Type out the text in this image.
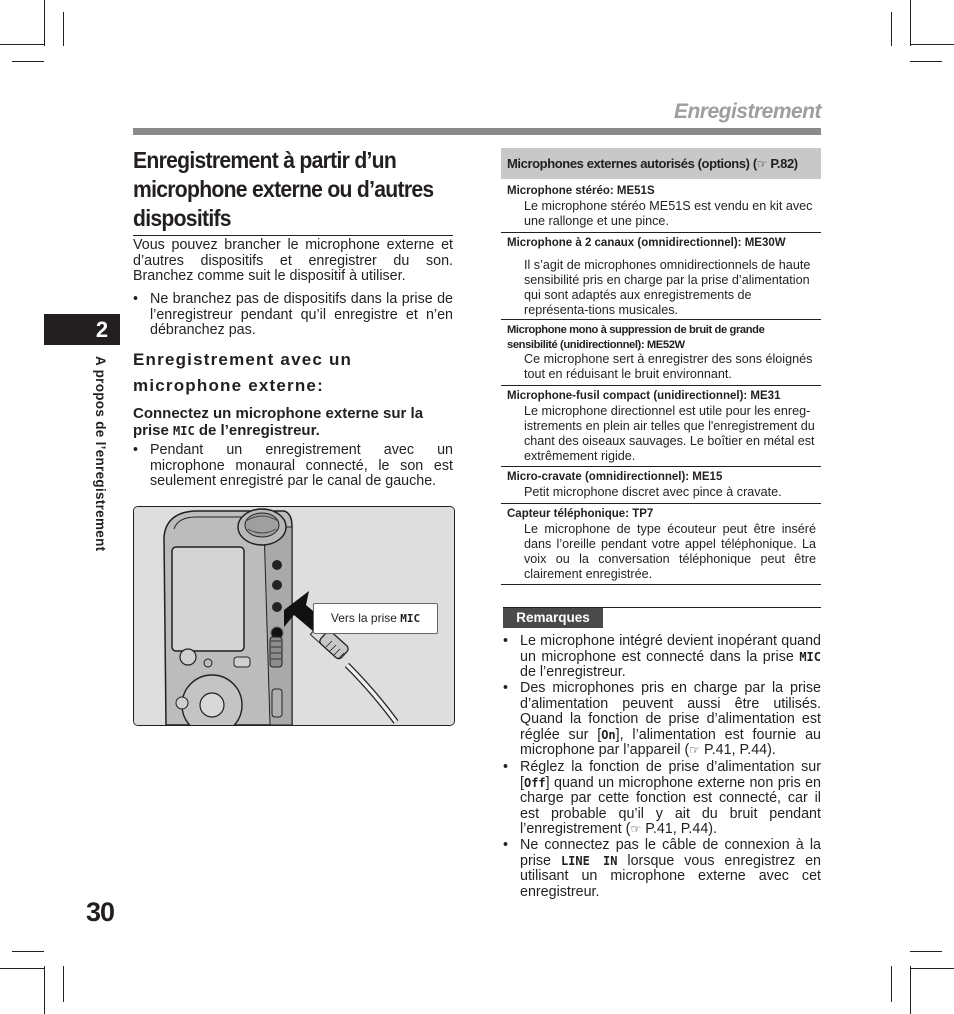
Enregistrement
2
A propos de l’enregistrement
Enregistrement à partir d’un microphone externe ou d’autres dispositifs
Vous pouvez brancher le microphone externe et d’autres dispositifs et enregistrer du son. Branchez comme suit le dispositif à utiliser.
• Ne branchez pas de dispositifs dans la prise de l’enregistreur pendant qu’il enregistre et n’en débranchez pas.
Enregistrement avec un microphone externe:
Connectez un microphone externe sur la prise MIC de l’enregistreur.
• Pendant un enregistrement avec un microphone monaural connecté, le son est seulement enregistré par le canal de gauche.
Vers la prise MIC
Microphones externes autorisés (options) (☞ P.82)
Microphone stéréo: ME51S
Le microphone stéréo ME51S est vendu en kit avec une rallonge et une pince.
Microphone à 2 canaux (omnidirectionnel): ME30W
Il s’agit de microphones omnidirectionnels de haute sensibilité pris en charge par la prise d’alimentation qui sont adaptés aux enregistrements de représenta-tions musicales.
Microphone mono à suppression de bruit de grande sensibilité (unidirectionnel): ME52W
Ce microphone sert à enregistrer des sons éloignés tout en réduisant le bruit environnant.
Microphone-fusil compact (unidirectionnel): ME31
Le microphone directionnel est utile pour les enreg-istrements en plein air telles que l'enregistrement du chant des oiseaux sauvages. Le boîtier en métal est extrêmement rigide.
Micro-cravate (omnidirectionnel): ME15
Petit microphone discret avec pince à cravate.
Capteur téléphonique: TP7
Le microphone de type écouteur peut être inséré dans l’oreille pendant votre appel téléphonique. La voix ou la conversation téléphonique peut être clairement enregistrée.
Remarques
• Le microphone intégré devient inopérant quand un microphone est connecté dans la prise MIC de l’enregistreur.
• Des microphones pris en charge par la prise d’alimentation peuvent aussi être utilisés. Quand la fonction de prise d’alimentation est réglée sur [On], l’alimentation est fournie au microphone par l’appareil (☞ P.41, P.44).
• Réglez la fonction de prise d’alimentation sur [Off] quand un microphone externe non pris en charge par cette fonction est connecté, car il est probable qu’il y ait du bruit pendant l’enregistrement (☞ P.41, P.44).
• Ne connectez pas le câble de connexion à la prise LINE IN lorsque vous enregistrez en utilisant un microphone externe avec cet enregistreur.
30
